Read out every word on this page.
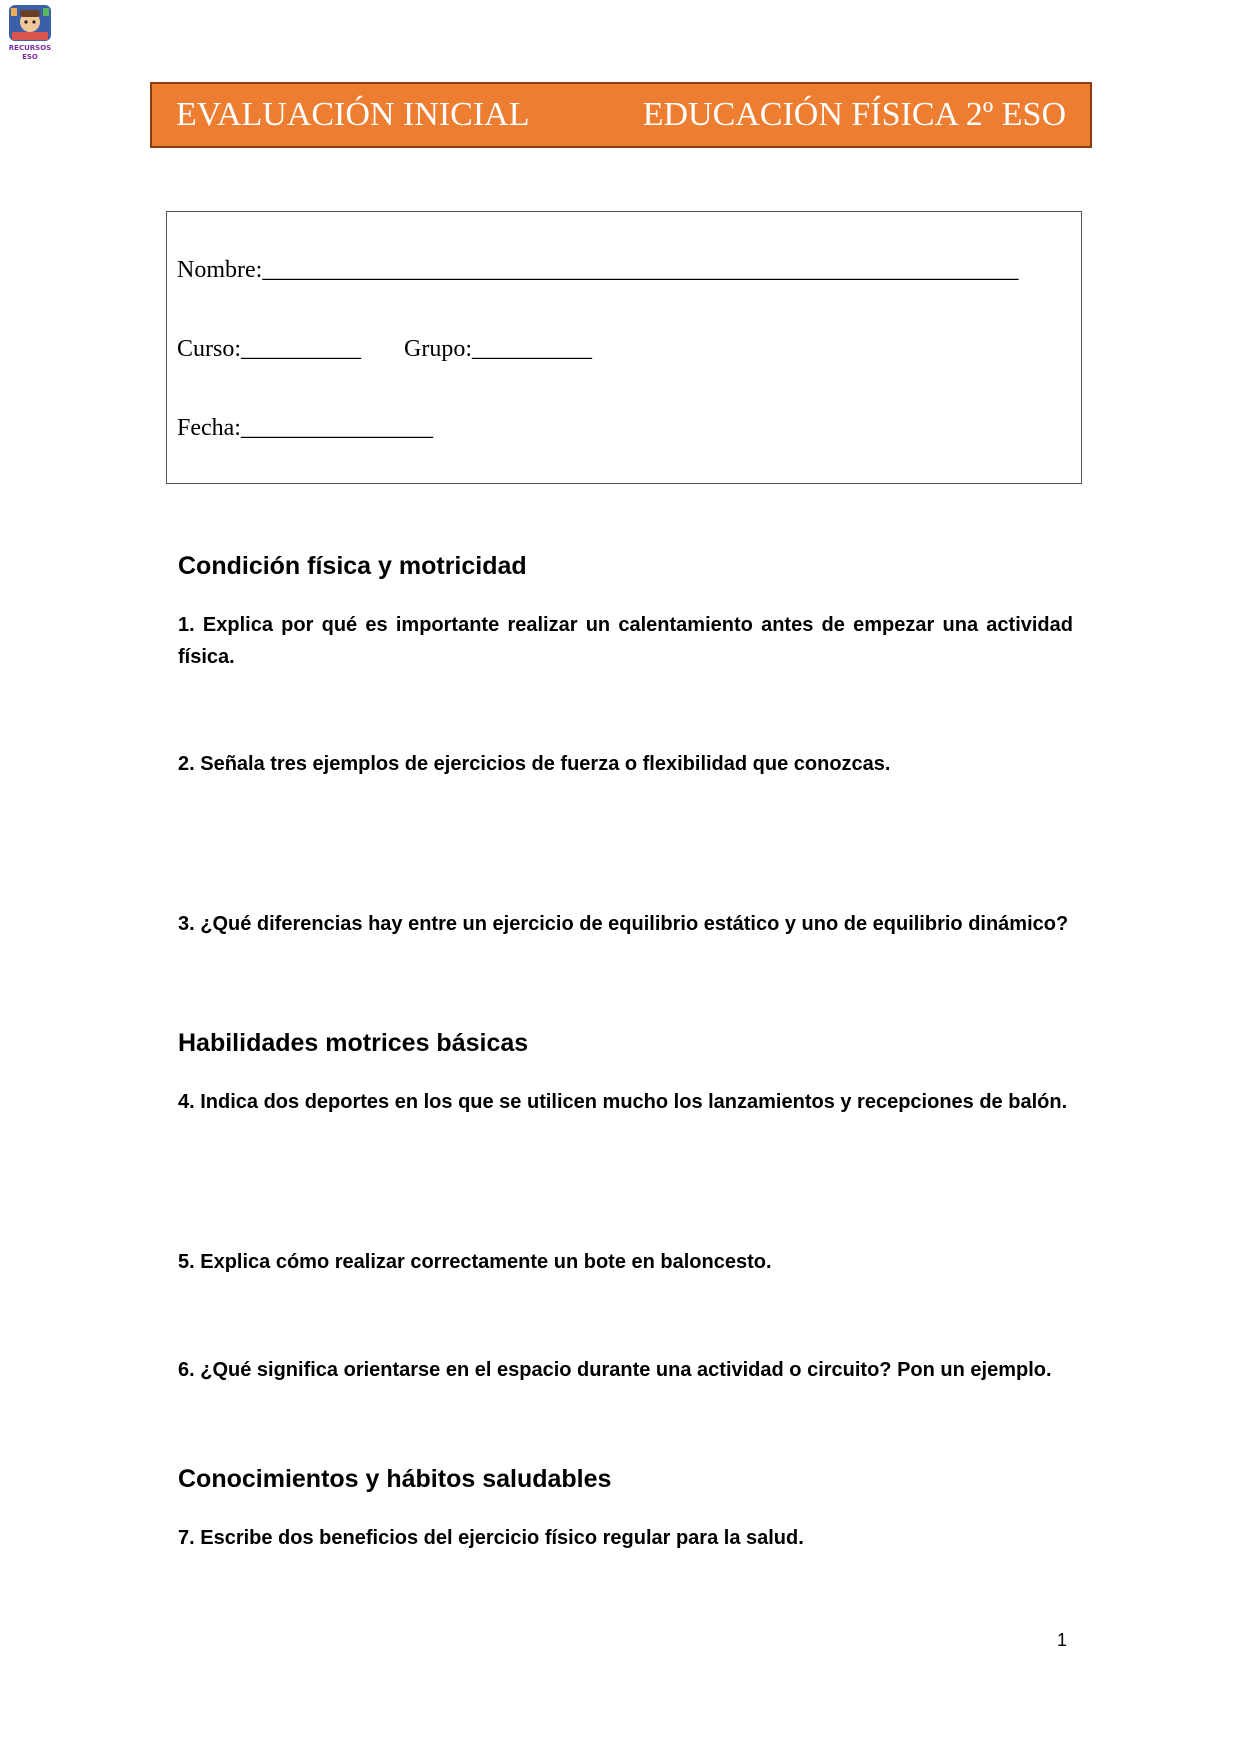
RECURSOS
ESO
EVALUACIÓN INICIAL	EDUCACIÓN FÍSICA 2º ESO
Nombre:_______________________________________________________________
Curso:__________ Grupo:__________
Fecha:________________
Condición física y motricidad
1. Explica por qué es importante realizar un calentamiento antes de empezar una actividad física.
2. Señala tres ejemplos de ejercicios de fuerza o flexibilidad que conozcas.
3. ¿Qué diferencias hay entre un ejercicio de equilibrio estático y uno de equilibrio dinámico?
Habilidades motrices básicas
4. Indica dos deportes en los que se utilicen mucho los lanzamientos y recepciones de balón.
5. Explica cómo realizar correctamente un bote en baloncesto.
6. ¿Qué significa orientarse en el espacio durante una actividad o circuito? Pon un ejemplo.
Conocimientos y hábitos saludables
7. Escribe dos beneficios del ejercicio físico regular para la salud.
1
